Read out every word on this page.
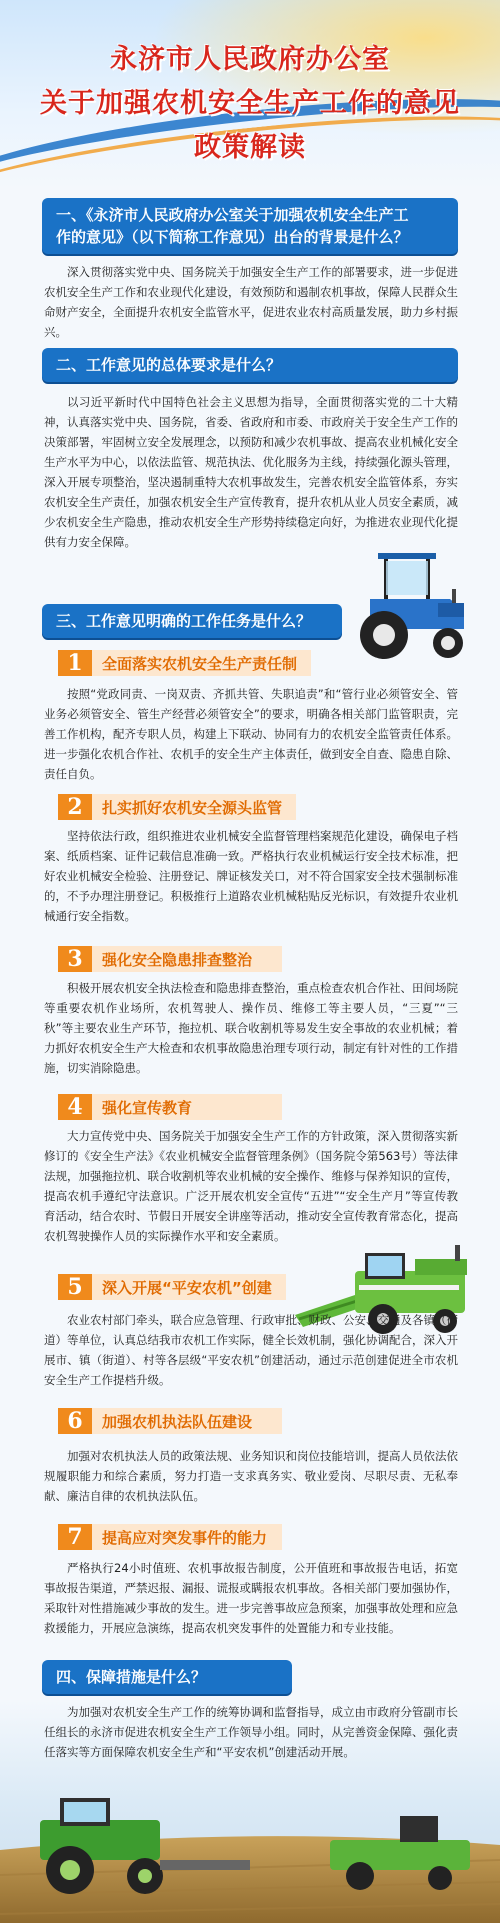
永济市人民政府办公室
关于加强农机安全生产工作的意见
政策解读
一、《永济市人民政府办公室关于加强农机安全生产工
作的意见》（以下简称工作意见）出台的背景是什么？

深入贯彻落实党中央、国务院关于加强安全生产工作的部署要求，进一步促进农机安全生产工作和农业现代化建设，有效预防和遏制农机事故，保障人民群众生命财产安全，全面提升农机安全监管水平，促进农业农村高质量发展，助力乡村振兴。

二、工作意见的总体要求是什么？

以习近平新时代中国特色社会主义思想为指导，全面贯彻落实党的二十大精神，认真落实党中央、国务院，省委、省政府和市委、市政府关于安全生产工作的决策部署，牢固树立安全发展理念，以预防和减少农机事故、提高农业机械化安全生产水平为中心，以依法监管、规范执法、优化服务为主线，持续强化源头管理，深入开展专项整治，坚决遏制重特大农机事故发生，完善农机安全监管体系，夯实农机安全生产责任，加强农机安全生产宣传教育，提升农机从业人员安全素质，减少农机安全生产隐患，推动农机安全生产形势持续稳定向好，为推进农业现代化提供有力安全保障。

三、工作意见明确的工作任务是什么？
1	全面落实农机安全生产责任制

按照“党政同责、一岗双责、齐抓共管、失职追责”和“管行业必须管安全、管业务必须管安全、管生产经营必须管安全”的要求，明确各相关部门监管职责，完善工作机构，配齐专职人员，构建上下联动、协同有力的农机安全监管责任体系。进一步强化农机合作社、农机手的安全生产主体责任，做到安全自查、隐患自除、责任自负。

2	扎实抓好农机安全源头监管

坚持依法行政，组织推进农业机械安全监督管理档案规范化建设，确保电子档案、纸质档案、证件记载信息准确一致。严格执行农业机械运行安全技术标准，把好农业机械安全检验、注册登记、牌证核发关口，对不符合国家安全技术强制标准的，不予办理注册登记。积极推行上道路农业机械粘贴反光标识，有效提升农业机械通行安全指数。

3	强化安全隐患排查整治

积极开展农机安全执法检查和隐患排查整治，重点检查农机合作社、田间场院等重要农机作业场所，农机驾驶人、操作员、维修工等主要人员，“三夏”“三秋”等主要农业生产环节，拖拉机、联合收割机等易发生安全事故的农业机械；着力抓好农机安全生产大检查和农机事故隐患治理专项行动，制定有针对性的工作措施，切实消除隐患。

4	强化宣传教育

大力宣传党中央、国务院关于加强安全生产工作的方针政策，深入贯彻落实新修订的《安全生产法》《农业机械安全监督管理条例》（国务院令第563号）等法律法规，加强拖拉机、联合收割机等农业机械的安全操作、维修与保养知识的宣传，提高农机手遵纪守法意识。广泛开展农机安全宣传“五进”“安全生产月”等宣传教育活动，结合农时、节假日开展安全讲座等活动，推动安全宣传教育常态化，提高农机驾驶操作人员的实际操作水平和安全素质。

5	深入开展“平安农机”创建

农业农村部门牵头，联合应急管理、行政审批、财政、公安、交通及各镇（街道）等单位，认真总结我市农机工作实际，健全长效机制，强化协调配合，深入开展市、镇（街道）、村等各层级“平安农机”创建活动，通过示范创建促进全市农机安全生产工作提档升级。

6	加强农机执法队伍建设

加强对农机执法人员的政策法规、业务知识和岗位技能培训，提高人员依法依规履职能力和综合素质，努力打造一支求真务实、敬业爱岗、尽职尽责、无私奉献、廉洁自律的农机执法队伍。

7	提高应对突发事件的能力

严格执行24小时值班、农机事故报告制度，公开值班和事故报告电话，拓宽事故报告渠道，严禁迟报、漏报、谎报或瞒报农机事故。各相关部门要加强协作，采取针对性措施减少事故的发生。进一步完善事故应急预案，加强事故处理和应急救援能力，开展应急演练，提高农机突发事件的处置能力和专业技能。

四、保障措施是什么？

为加强对农机安全生产工作的统筹协调和监督指导，成立由市政府分管副市长任组长的永济市促进农机安全生产工作领导小组。同时，从完善资金保障、强化责任落实等方面保障农机安全生产和“平安农机”创建活动开展。
